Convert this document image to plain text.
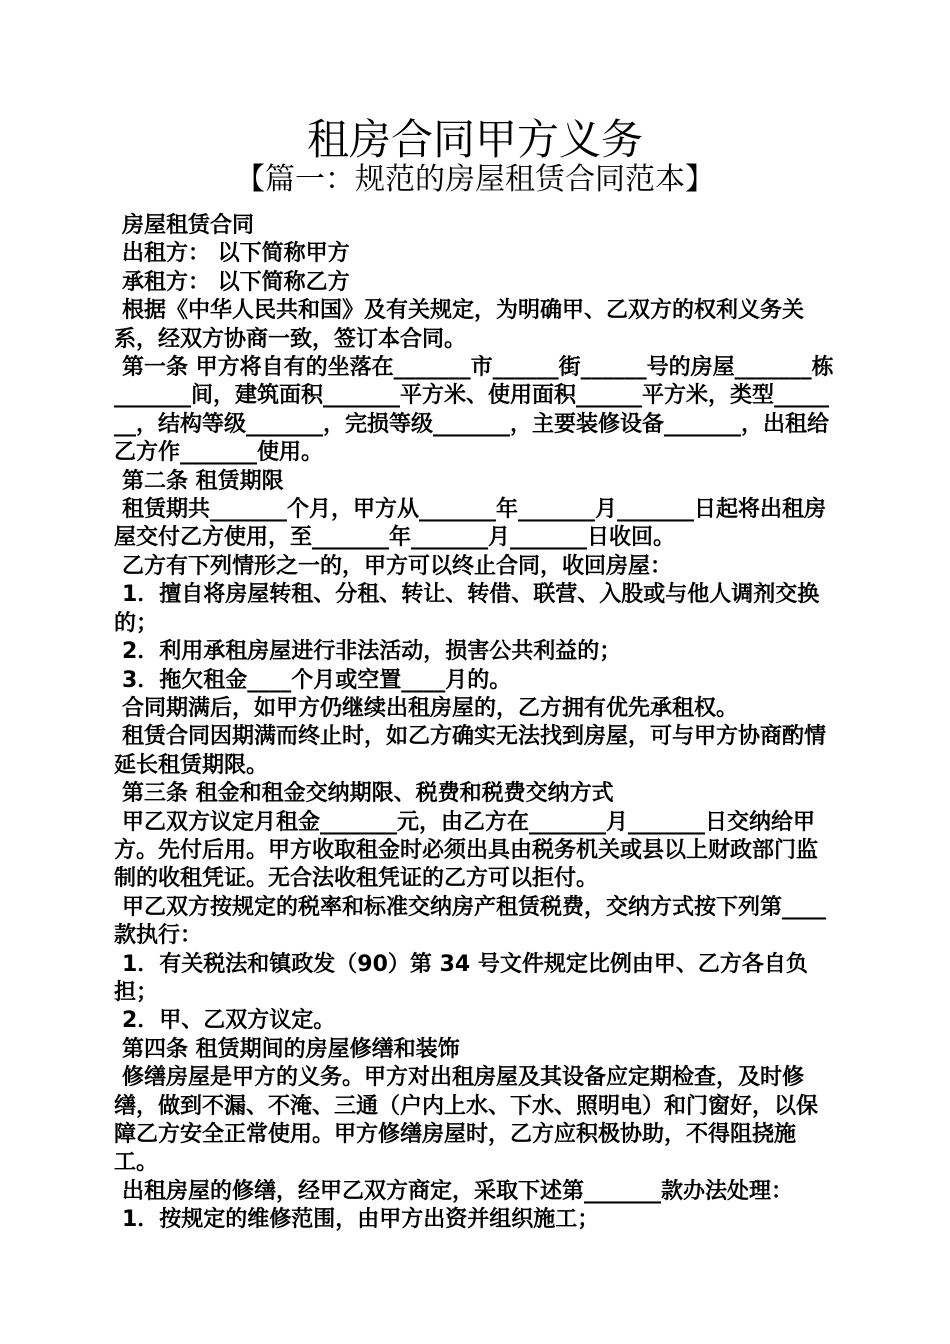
租房合同甲方义务
【篇一：规范的房屋租赁合同范本】

房屋租赁合同

出租方： 以下简称甲方

承租方： 以下简称乙方

根据《中华人民共和国》及有关规定，为明确甲、乙双方的权利义务关系，经双方协商一致，签订本合同。

第一条 甲方将自有的坐落在_______市______街______号的房屋_______栋_______间，建筑面积_______平方米、使用面积______平方米，类型_______，结构等级_______，完损等级_______，主要装修设备_______，出租给乙方作_______使用。

第二条 租赁期限

租赁期共_______个月，甲方从_______年_______月_______日起将出租房屋交付乙方使用，至_______年_______月_______日收回。

乙方有下列情形之一的，甲方可以终止合同，收回房屋：

1．擅自将房屋转租、分租、转让、转借、联营、入股或与他人调剂交换的；

2．利用承租房屋进行非法活动，损害公共利益的；

3．拖欠租金____个月或空置____月的。

合同期满后，如甲方仍继续出租房屋的，乙方拥有优先承租权。

租赁合同因期满而终止时，如乙方确实无法找到房屋，可与甲方协商酌情延长租赁期限。

第三条 租金和租金交纳期限、税费和税费交纳方式

甲乙双方议定月租金_______元，由乙方在_______月_______日交纳给甲方。先付后用。甲方收取租金时必须出具由税务机关或县以上财政部门监制的收租凭证。无合法收租凭证的乙方可以拒付。

甲乙双方按规定的税率和标准交纳房产租赁税费，交纳方式按下列第____款执行：

1．有关税法和镇政发（90）第 34 号文件规定比例由甲、乙方各自负担；

2．甲、乙双方议定。

第四条 租赁期间的房屋修缮和装饰

修缮房屋是甲方的义务。甲方对出租房屋及其设备应定期检查，及时修缮，做到不漏、不淹、三通（户内上水、下水、照明电）和门窗好，以保障乙方安全正常使用。甲方修缮房屋时，乙方应积极协助，不得阻挠施工。

出租房屋的修缮，经甲乙双方商定，采取下述第_______款办法处理：

1．按规定的维修范围，由甲方出资并组织施工；
